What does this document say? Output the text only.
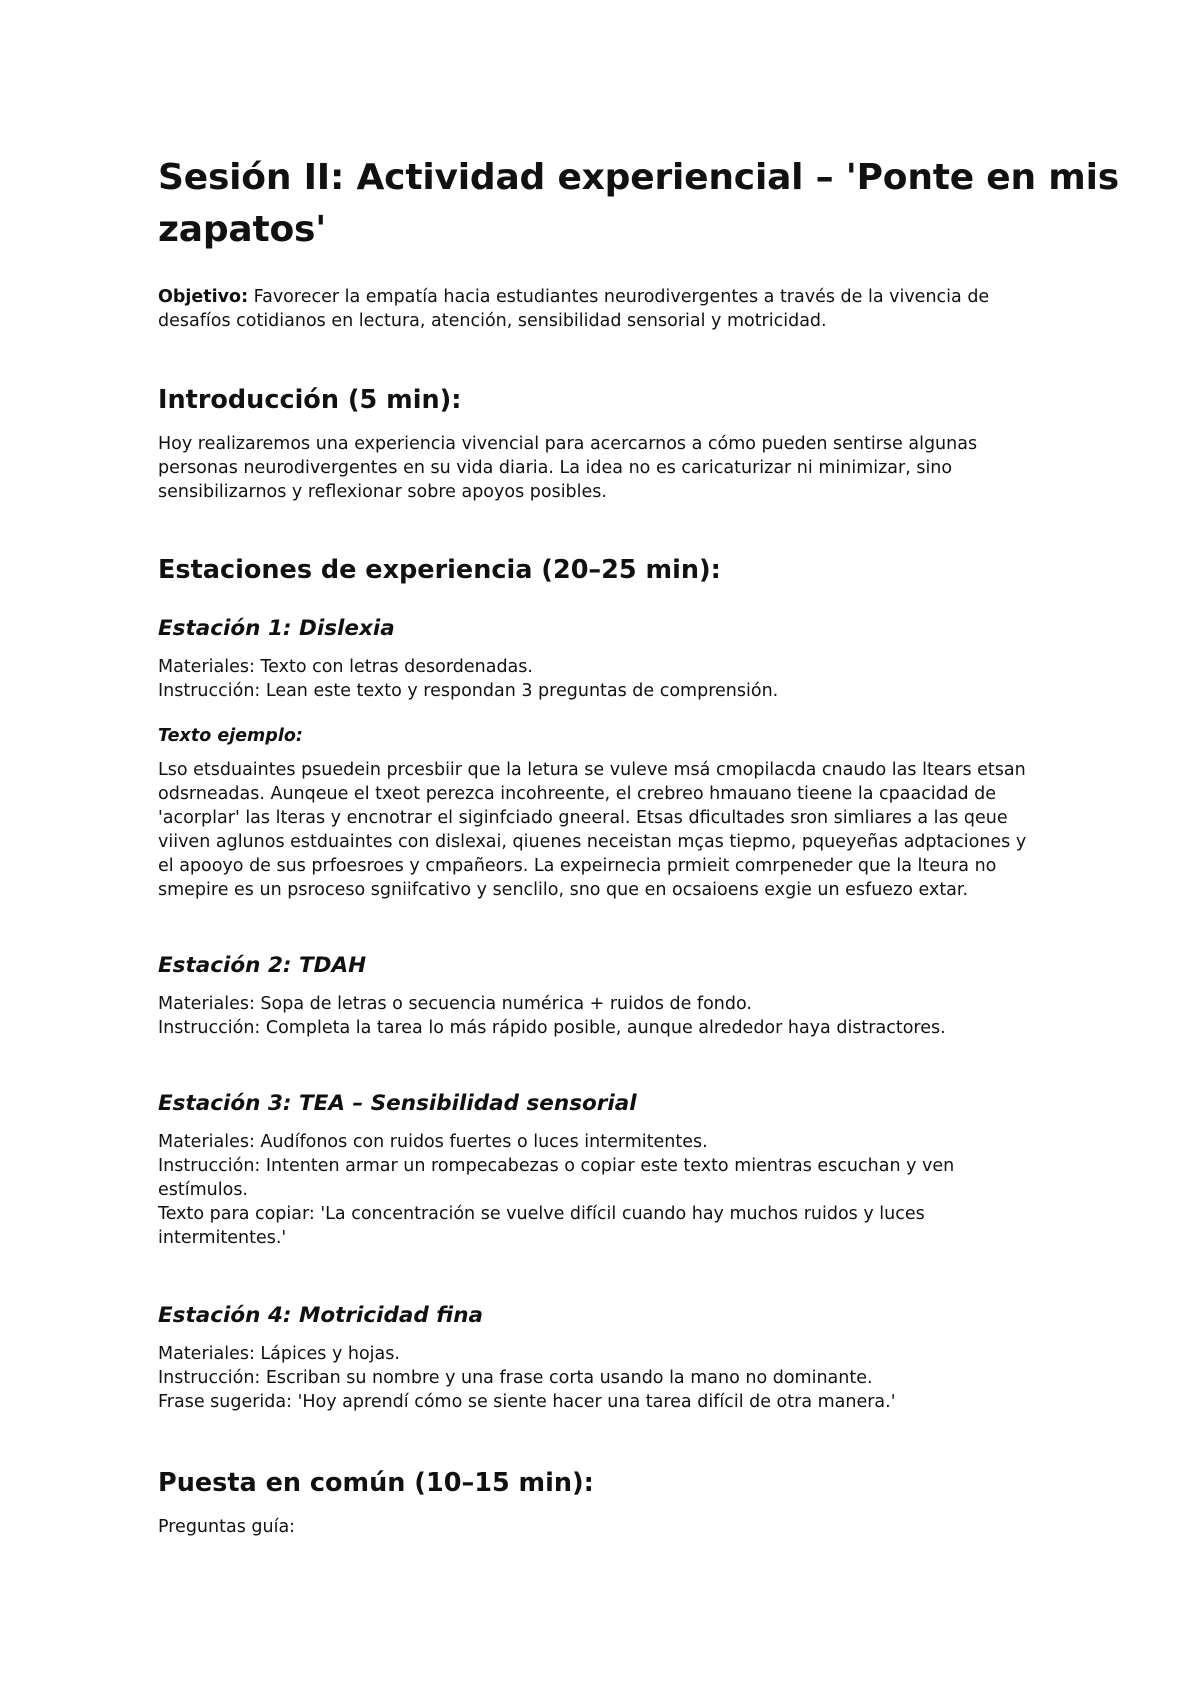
Sesión II: Actividad experiencial – 'Ponte en mis
zapatos'

Objetivo: Favorecer la empatía hacia estudiantes neurodivergentes a través de la vivencia de
desafíos cotidianos en lectura, atención, sensibilidad sensorial y motricidad.

Introducción (5 min):

Hoy realizaremos una experiencia vivencial para acercarnos a cómo pueden sentirse algunas
personas neurodivergentes en su vida diaria. La idea no es caricaturizar ni minimizar, sino
sensibilizarnos y reflexionar sobre apoyos posibles.

Estaciones de experiencia (20–25 min):
Estación 1: Dislexia

Materiales: Texto con letras desordenadas.
Instrucción: Lean este texto y respondan 3 preguntas de comprensión.

Texto ejemplo:

Lso etsduaintes psuedein prcesbiir que la letura se vuleve msá cmopilacda cnaudo las ltears etsan
odsrneadas. Aunqeue el txeot perezca incohreente, el crebreo hmauano tieene la cpaacidad de
'acorplar' las lteras y encnotrar el siginfciado gneeral. Etsas dficultades sron simliares a las qeue
viiven aglunos estduaintes con dislexai, qiuenes neceistan mças tiepmo, pqueyeñas adptaciones y
el apooyo de sus prfoesroes y cmpañeors. La expeirnecia prmieit comrpeneder que la lteura no
smepire es un psroceso sgniifcativo y senclilo, sno que en ocsaioens exgie un esfuezo extar.

Estación 2: TDAH

Materiales: Sopa de letras o secuencia numérica + ruidos de fondo.
Instrucción: Completa la tarea lo más rápido posible, aunque alrededor haya distractores.

Estación 3: TEA – Sensibilidad sensorial

Materiales: Audífonos con ruidos fuertes o luces intermitentes.
Instrucción: Intenten armar un rompecabezas o copiar este texto mientras escuchan y ven
estímulos.
Texto para copiar: 'La concentración se vuelve difícil cuando hay muchos ruidos y luces
intermitentes.'

Estación 4: Motricidad fina

Materiales: Lápices y hojas.
Instrucción: Escriban su nombre y una frase corta usando la mano no dominante.
Frase sugerida: 'Hoy aprendí cómo se siente hacer una tarea difícil de otra manera.'

Puesta en común (10–15 min):

Preguntas guía:
